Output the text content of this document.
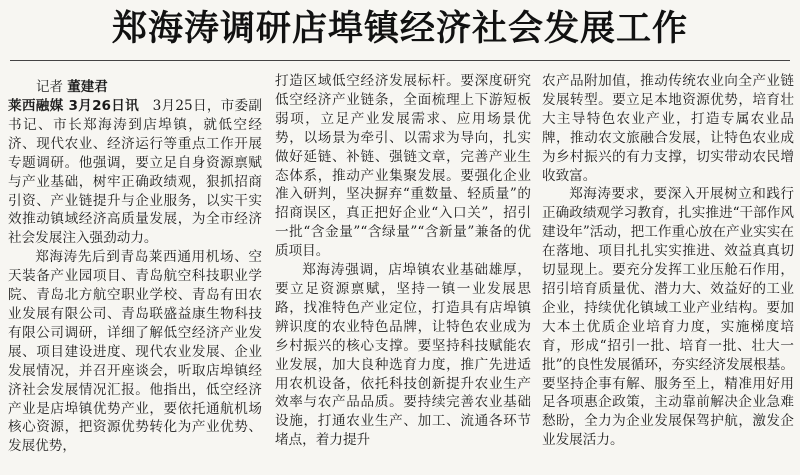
郑海涛调研店埠镇经济社会发展工作
记者 董建君

莱西融媒 3月26日讯  3月25日，市委副书记、市长郑海涛到店埠镇，就低空经济、现代农业、经济运行等重点工作开展专题调研。他强调，要立足自身资源禀赋与产业基础，树牢正确政绩观，狠抓招商引资、产业链提升与企业服务，以实干实效推动镇域经济高质量发展，为全市经济社会发展注入强劲动力。

郑海涛先后到青岛莱西通用机场、空天装备产业园项目、青岛航空科技职业学院、青岛北方航空职业学校、青岛有田农业发展有限公司、青岛联盛益康生物科技有限公司调研，详细了解低空经济产业发展、项目建设进度、现代农业发展、企业发展情况，并召开座谈会，听取店埠镇经济社会发展情况汇报。他指出，低空经济产业是店埠镇优势产业，要依托通航机场核心资源，把资源优势转化为产业优势、发展优势，

打造区域低空经济发展标杆。要深度研究低空经济产业链条，全面梳理上下游短板弱项，立足产业发展需求、应用场景优势，以场景为牵引、以需求为导向，扎实做好延链、补链、强链文章，完善产业生态体系，推动产业集聚发展。要强化企业准入研判，坚决摒弃“重数量、轻质量”的招商误区，真正把好企业“入口关”，招引一批“含金量”“含绿量”“含新量”兼备的优质项目。

郑海涛强调，店埠镇农业基础雄厚，要立足资源禀赋，坚持一镇一业发展思路，找准特色产业定位，打造具有店埠镇辨识度的农业特色品牌，让特色农业成为乡村振兴的核心支撑。要坚持科技赋能农业发展，加大良种选育力度，推广先进适用农机设备，依托科技创新提升农业生产效率与农产品品质。要持续完善农业基础设施，打通农业生产、加工、流通各环节堵点，着力提升

农产品附加值，推动传统农业向全产业链发展转型。要立足本地资源优势，培育壮大主导特色农业产业，打造专属农业品牌，推动农文旅融合发展，让特色农业成为乡村振兴的有力支撑，切实带动农民增收致富。

郑海涛要求，要深入开展树立和践行正确政绩观学习教育，扎实推进“干部作风建设年”活动，把工作重心放在产业实实在在落地、项目扎扎实实推进、效益真真切切显现上。要充分发挥工业压舱石作用，招引培育质量优、潜力大、效益好的工业企业，持续优化镇域工业产业结构。要加大本土优质企业培育力度，实施梯度培育，形成“招引一批、培育一批、壮大一批”的良性发展循环，夯实经济发展根基。要坚持企事有解、服务至上，精准用好用足各项惠企政策，主动靠前解决企业急难愁盼，全力为企业发展保驾护航，激发企业发展活力。
